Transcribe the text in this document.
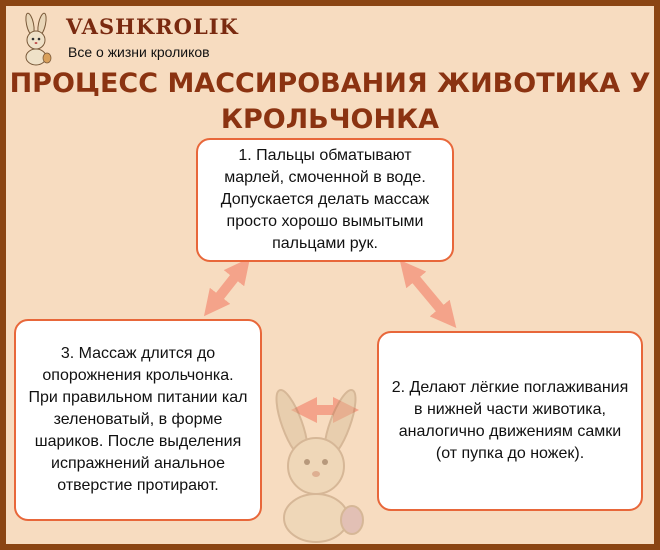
VASHKROLIK

Все о жизни кроликов

ПРОЦЕСС МАССИРОВАНИЯ ЖИВОТИКА У КРОЛЬЧОНКА
1. Пальцы обматывают марлей, смоченной в воде. Допускается делать массаж просто хорошо вымытыми пальцами рук.
2. Делают лёгкие поглаживания в нижней части животика, аналогично движениям самки (от пупка до ножек).
3. Массаж длится до опорожнения крольчонка. При правильном питании кал зеленоватый, в форме шариков. После выделения испражнений анальное отверстие протирают.
